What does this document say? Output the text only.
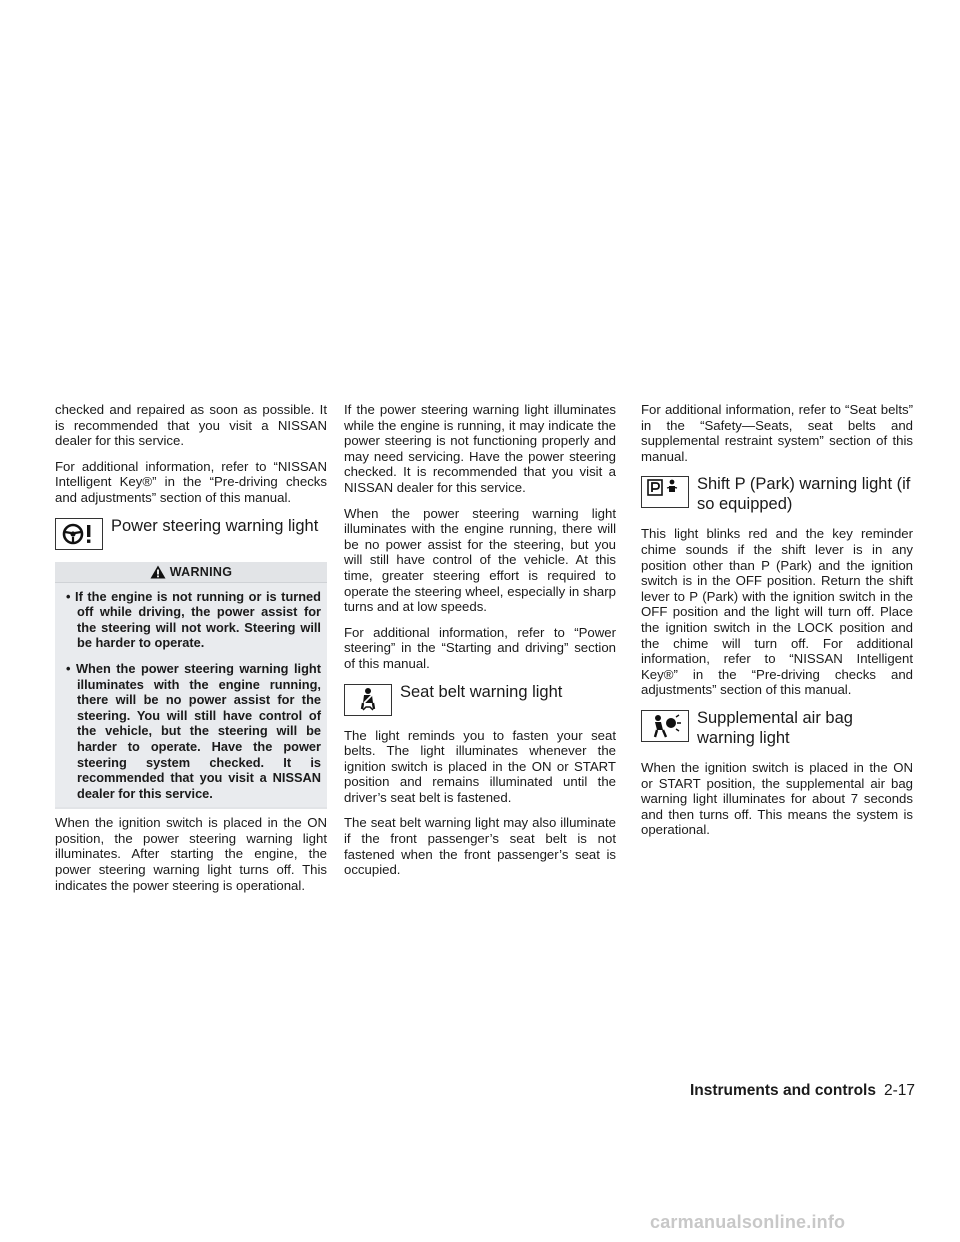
checked and repaired as soon as possible. It is recommended that you visit a NISSAN dealer for this service.

For additional information, refer to “NISSAN Intelligent Key®” in the “Pre-driving checks and adjustments” section of this manual.

Power steering warning light
WARNING
• If the engine is not running or is turned off while driving, the power assist for the steering will not work. Steering will be harder to operate.
• When the power steering warning light illuminates with the engine running, there will be no power assist for the steering. You will still have control of the vehicle, but the steering will be harder to operate. Have the power steering system checked. It is recommended that you visit a NISSAN dealer for this service.

When the ignition switch is placed in the ON position, the power steering warning light illuminates. After starting the engine, the power steering warning light turns off. This indicates the power steering is operational.

If the power steering warning light illuminates while the engine is running, it may indicate the power steering is not functioning properly and may need servicing. Have the power steering checked. It is recommended that you visit a NISSAN dealer for this service.

When the power steering warning light illuminates with the engine running, there will be no power assist for the steering, but you will still have control of the vehicle. At this time, greater steering effort is required to operate the steering wheel, especially in sharp turns and at low speeds.

For additional information, refer to “Power steering” in the “Starting and driving” section of this manual.

Seat belt warning light

The light reminds you to fasten your seat belts. The light illuminates whenever the ignition switch is placed in the ON or START position and remains illuminated until the driver’s seat belt is fastened.

The seat belt warning light may also illuminate if the front passenger’s seat belt is not fastened when the front passenger’s seat is occupied.

For additional information, refer to “Seat belts” in the “Safety—Seats, seat belts and supplemental restraint system” section of this manual.

Shift P (Park) warning light (if so equipped)

This light blinks red and the key reminder chime sounds if the shift lever is in any position other than P (Park) and the ignition switch is in the OFF position. Return the shift lever to P (Park) with the ignition switch in the OFF position and the light will turn off. Place the ignition switch in the LOCK position and the chime will turn off. For additional information, refer to “NISSAN Intelligent Key®” in the “Pre-driving checks and adjustments” section of this manual.

Supplemental air bag warning light

When the ignition switch is placed in the ON or START position, the supplemental air bag warning light illuminates for about 7 seconds and then turns off. This means the system is operational.

Instruments and controls 2-17
carmanualsonline.info
